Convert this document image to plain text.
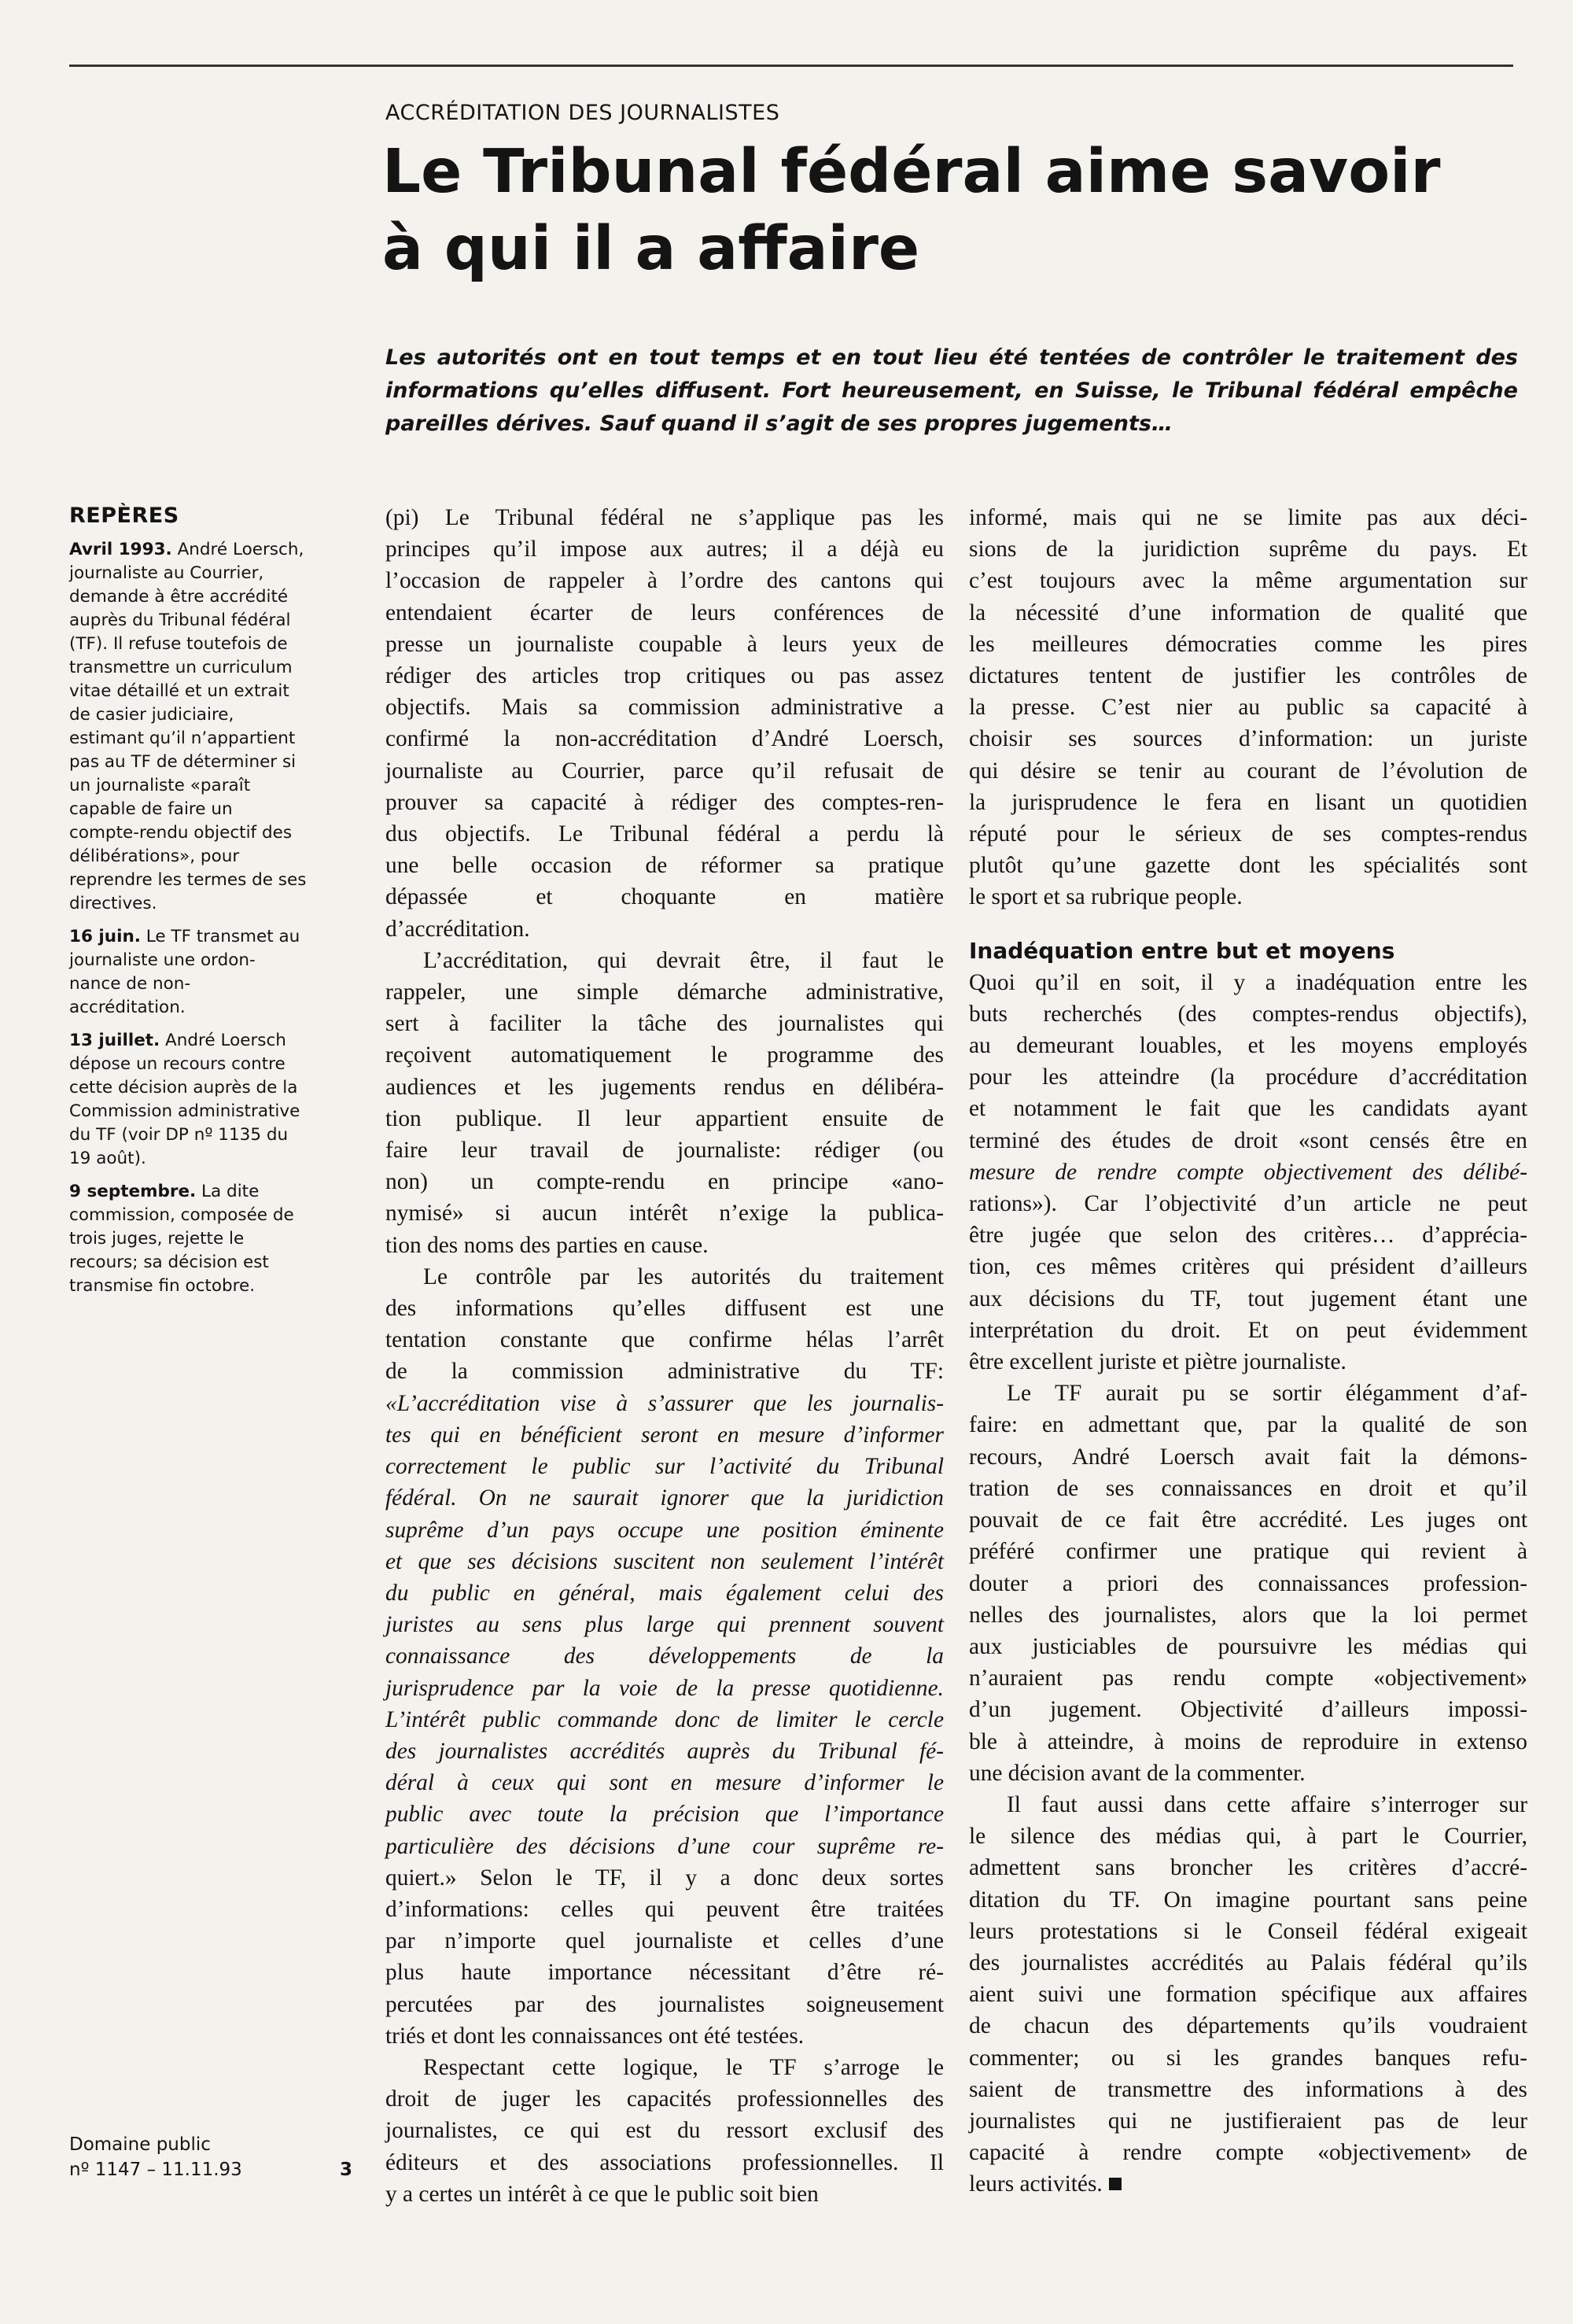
ACCRÉDITATION DES JOURNALISTES
Le Tribunal fédéral aime savoir
à qui il a affaire

Les autorités ont en tout temps et en tout lieu été tentées de contrôler le traitement des
informations qu’elles diffusent. Fort heureusement, en Suisse, le Tribunal fédéral empêche
pareilles dérives. Sauf quand il s’agit de ses propres jugements…

REPÈRES

Avril 1993. André Loersch,
journaliste au Courrier,
demande à être accrédité
auprès du Tribunal fédéral
(TF). Il refuse toutefois de
transmettre un curriculum
vitae détaillé et un extrait
de casier judiciaire,
estimant qu’il n’appartient
pas au TF de déterminer si
un journaliste «paraît
capable de faire un
compte-rendu objectif des
délibérations», pour
reprendre les termes de ses
directives.

16 juin. Le TF transmet au
journaliste une ordon-
nance de non-
accréditation.

13 juillet. André Loersch
dépose un recours contre
cette décision auprès de la
Commission administrative
du TF (voir DP nº 1135 du
19 août).

9 septembre. La dite
commission, composée de
trois juges, rejette le
recours; sa décision est
transmise fin octobre.

(pi) Le Tribunal fédéral ne s’applique pas les
principes qu’il impose aux autres; il a déjà eu
l’occasion de rappeler à l’ordre des cantons qui
entendaient écarter de leurs conférences de
presse un journaliste coupable à leurs yeux de
rédiger des articles trop critiques ou pas assez
objectifs. Mais sa commission administrative a
confirmé la non-accréditation d’André Loersch,
journaliste au Courrier, parce qu’il refusait de
prouver sa capacité à rédiger des comptes-ren-
dus objectifs. Le Tribunal fédéral a perdu là
une belle occasion de réformer sa pratique
dépassée et choquante en matière
d’accréditation.
L’accréditation, qui devrait être, il faut le
rappeler, une simple démarche administrative,
sert à faciliter la tâche des journalistes qui
reçoivent automatiquement le programme des
audiences et les jugements rendus en délibéra-
tion publique. Il leur appartient ensuite de
faire leur travail de journaliste: rédiger (ou
non) un compte-rendu en principe «ano-
nymisé» si aucun intérêt n’exige la publica-
tion des noms des parties en cause.
Le contrôle par les autorités du traitement
des informations qu’elles diffusent est une
tentation constante que confirme hélas l’arrêt
de la commission administrative du TF:
«L’accréditation vise à s’assurer que les journalis-
tes qui en bénéficient seront en mesure d’informer
correctement le public sur l’activité du Tribunal
fédéral. On ne saurait ignorer que la juridiction
suprême d’un pays occupe une position éminente
et que ses décisions suscitent non seulement l’intérêt
du public en général, mais également celui des
juristes au sens plus large qui prennent souvent
connaissance des développements de la
jurisprudence par la voie de la presse quotidienne.
L’intérêt public commande donc de limiter le cercle
des journalistes accrédités auprès du Tribunal fé-
déral à ceux qui sont en mesure d’informer le
public avec toute la précision que l’importance
particulière des décisions d’une cour suprême re-
quiert.» Selon le TF, il y a donc deux sortes
d’informations: celles qui peuvent être traitées
par n’importe quel journaliste et celles d’une
plus haute importance nécessitant d’être ré-
percutées par des journalistes soigneusement
triés et dont les connaissances ont été testées.
Respectant cette logique, le TF s’arroge le
droit de juger les capacités professionnelles des
journalistes, ce qui est du ressort exclusif des
éditeurs et des associations professionnelles. Il
y a certes un intérêt à ce que le public soit bien
informé, mais qui ne se limite pas aux déci-
sions de la juridiction suprême du pays. Et
c’est toujours avec la même argumentation sur
la nécessité d’une information de qualité que
les meilleures démocraties comme les pires
dictatures tentent de justifier les contrôles de
la presse. C’est nier au public sa capacité à
choisir ses sources d’information: un juriste
qui désire se tenir au courant de l’évolution de
la jurisprudence le fera en lisant un quotidien
réputé pour le sérieux de ses comptes-rendus
plutôt qu’une gazette dont les spécialités sont
le sport et sa rubrique people.
Inadéquation entre but et moyens
Quoi qu’il en soit, il y a inadéquation entre les
buts recherchés (des comptes-rendus objectifs),
au demeurant louables, et les moyens employés
pour les atteindre (la procédure d’accréditation
et notamment le fait que les candidats ayant
terminé des études de droit «sont censés être en
mesure de rendre compte objectivement des délibé-
rations»). Car l’objectivité d’un article ne peut
être jugée que selon des critères… d’apprécia-
tion, ces mêmes critères qui président d’ailleurs
aux décisions du TF, tout jugement étant une
interprétation du droit. Et on peut évidemment
être excellent juriste et piètre journaliste.
Le TF aurait pu se sortir élégamment d’af-
faire: en admettant que, par la qualité de son
recours, André Loersch avait fait la démons-
tration de ses connaissances en droit et qu’il
pouvait de ce fait être accrédité. Les juges ont
préféré confirmer une pratique qui revient à
douter a priori des connaissances profession-
nelles des journalistes, alors que la loi permet
aux justiciables de poursuivre les médias qui
n’auraient pas rendu compte «objectivement»
d’un jugement. Objectivité d’ailleurs impossi-
ble à atteindre, à moins de reproduire in extenso
une décision avant de la commenter.
Il faut aussi dans cette affaire s’interroger sur
le silence des médias qui, à part le Courrier,
admettent sans broncher les critères d’accré-
ditation du TF. On imagine pourtant sans peine
leurs protestations si le Conseil fédéral exigeait
des journalistes accrédités au Palais fédéral qu’ils
aient suivi une formation spécifique aux affaires
de chacun des départements qu’ils voudraient
commenter; ou si les grandes banques refu-
saient de transmettre des informations à des
journalistes qui ne justifieraient pas de leur
capacité à rendre compte «objectivement» de
leurs activités.
Domaine public
nº 1147 – 11.11.93	3
